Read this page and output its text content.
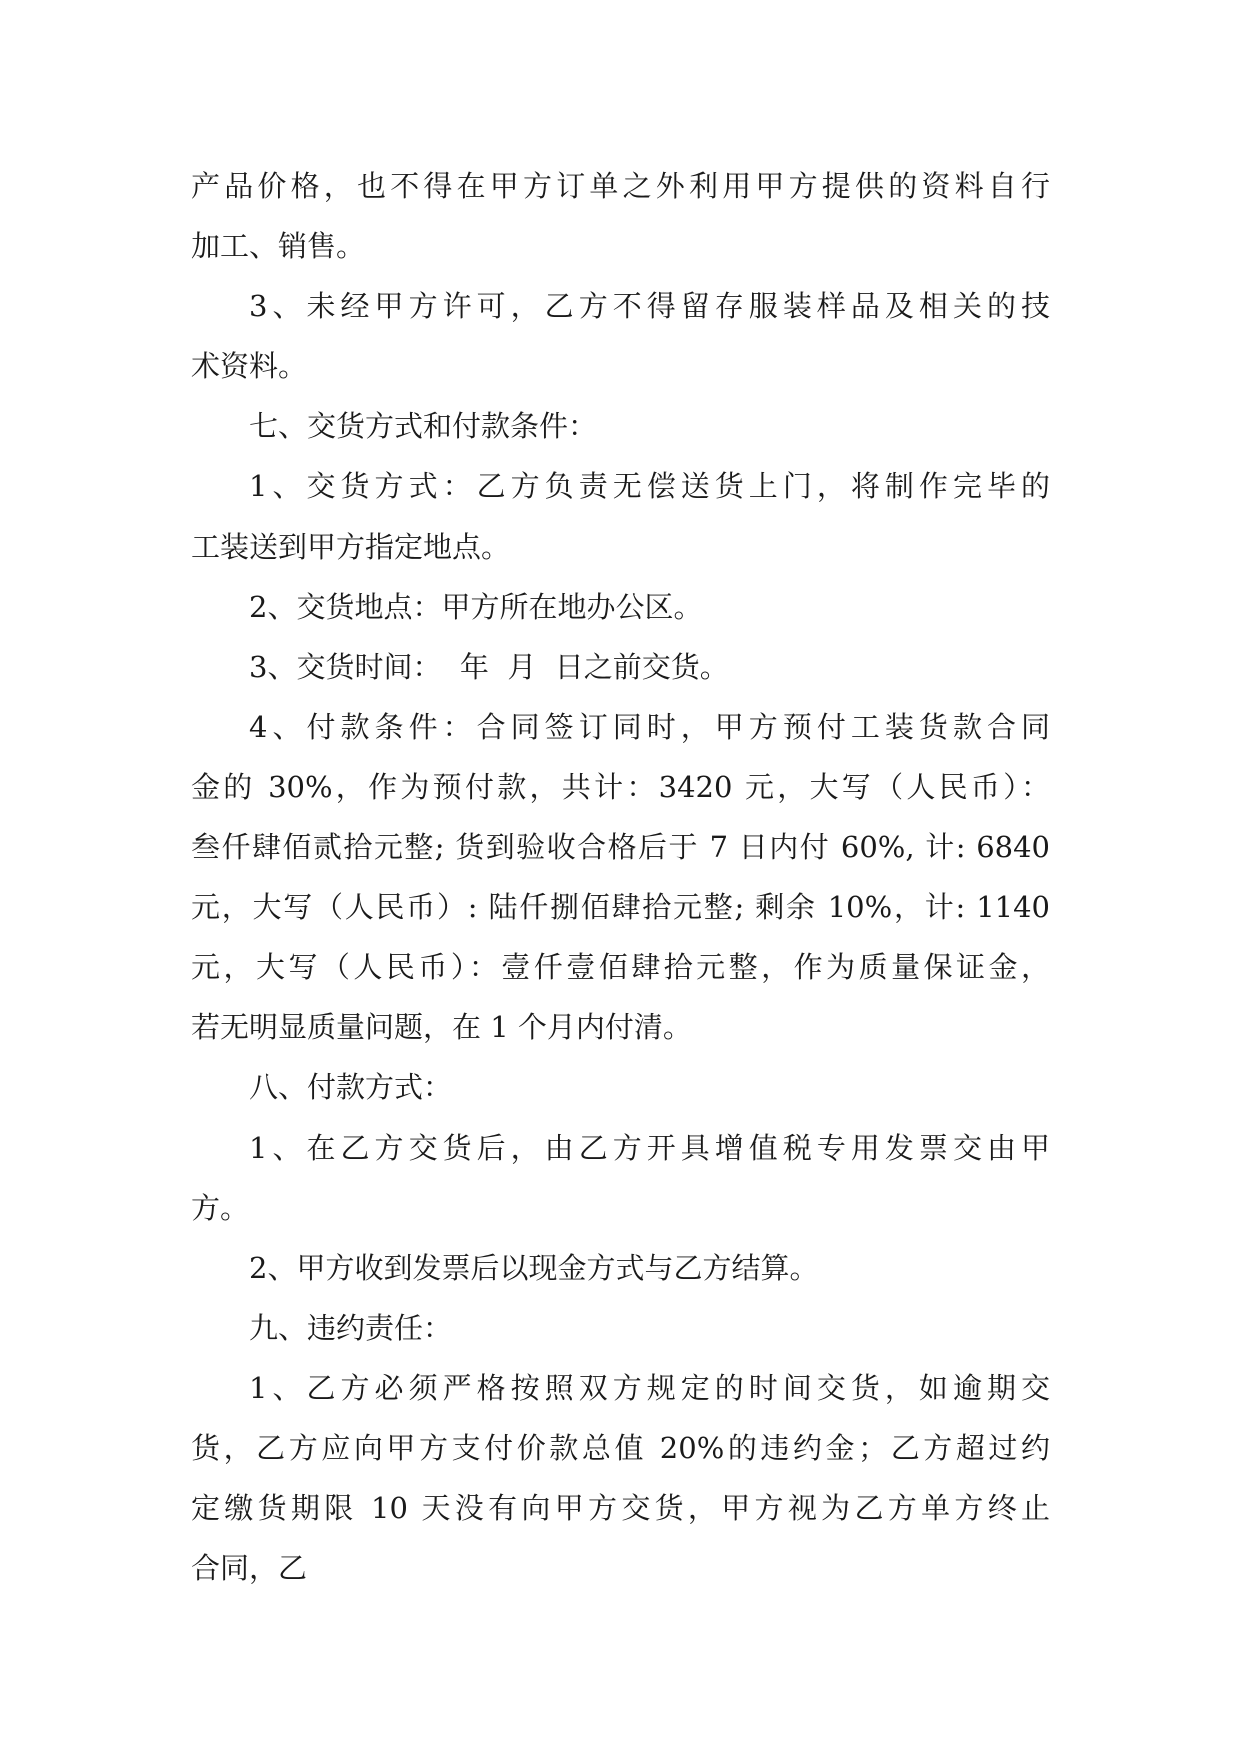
产品价格，也不得在甲方订单之外利用甲方提供的资料自行
加工、销售。
3、未经甲方许可，乙方不得留存服装样品及相关的技
术资料。
七、交货方式和付款条件：
1、交货方式：乙方负责无偿送货上门，将制作完毕的
工装送到甲方指定地点。
2、交货地点：甲方所在地办公区。
3、交货时间：  年  月  日之前交货。
4、付款条件：合同签订同时，甲方预付工装货款合同
金的 30%，作为预付款，共计：3420 元，大写（人民币）：
叁仟肆佰贰拾元整; 货到验收合格后于 7 日内付 60%, 计: 6840
元，大写（人民币）: 陆仟捌佰肆拾元整; 剩余 10%，计: 1140
元，大写（人民币）：壹仟壹佰肆拾元整，作为质量保证金，
若无明显质量问题，在 1 个月内付清。
八、付款方式：
1、在乙方交货后，由乙方开具增值税专用发票交由甲
方。
2、甲方收到发票后以现金方式与乙方结算。
九、违约责任：
1、乙方必须严格按照双方规定的时间交货，如逾期交
货，乙方应向甲方支付价款总值 20%的违约金；乙方超过约
定缴货期限 10 天没有向甲方交货，甲方视为乙方单方终止
合同，乙
